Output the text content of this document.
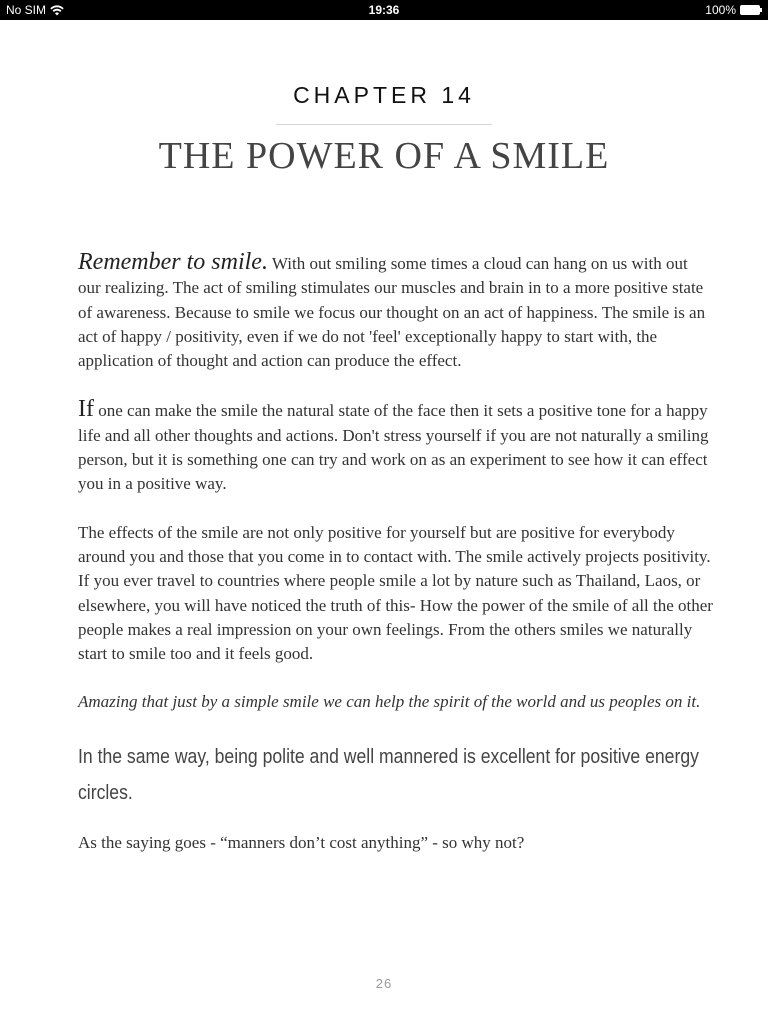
No SIM	19:36	100%
CHAPTER 14
THE POWER OF A SMILE

Remember to smile. With out smiling some times a cloud can hang on us with out our realizing. The act of smiling stimulates our muscles and brain in to a more positive state of awareness. Because to smile we focus our thought on an act of happiness. The smile is an act of happy / positivity, even if we do not 'feel' exceptionally happy to start with, the application of thought and action can produce the effect.

If one can make the smile the natural state of the face then it sets a positive tone for a happy life and all other thoughts and actions. Don't stress yourself if you are not naturally a smiling person, but it is something one can try and work on as an experiment to see how it can effect you in a positive way.

The effects of the smile are not only positive for yourself but are positive for everybody around you and those that you come in to contact with. The smile actively projects positivity. If you ever travel to countries where people smile a lot by nature such as Thailand, Laos, or elsewhere, you will have noticed the truth of this- How the power of the smile of all the other people makes a real impression on your own feelings. From the others smiles we naturally start to smile too and it feels good.

Amazing that just by a simple smile we can help the spirit of the world and us peoples on it.

In the same way, being polite and well mannered is excellent for positive energy circles.

As the saying goes - “manners don’t cost anything” - so why not?

26
